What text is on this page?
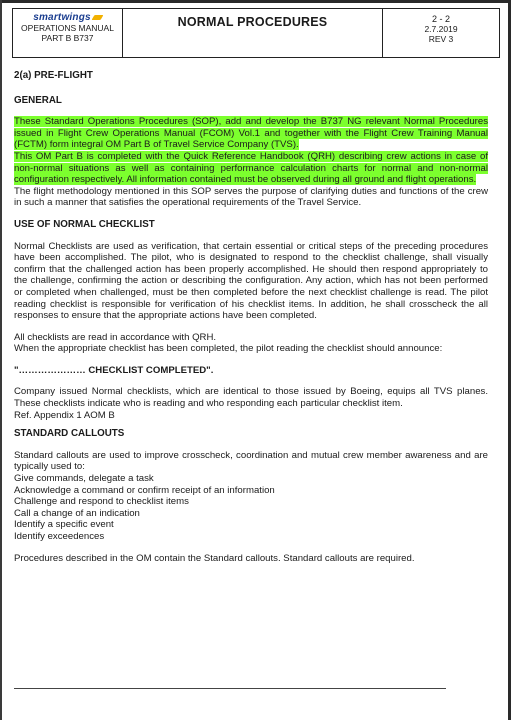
smartwings
OPERATIONS MANUAL
PART B B737
NORMAL PROCEDURES	2 - 2
2.7.2019
REV 3
2(a) PRE-FLIGHT
GENERAL

These Standard Operations Procedures (SOP), add and develop the B737 NG relevant Normal Procedures issued in Flight Crew Operations Manual (FCOM) Vol.1 and together with the Flight Crew Training Manual (FCTM) form integral OM Part B of Travel Service Company (TVS).

This OM Part B is completed with the Quick Reference Handbook (QRH) describing crew actions in case of non-normal situations as well as containing performance calculation charts for normal and non-normal configuration respectively. All information contained must be observed during all ground and flight operations.

The flight methodology mentioned in this SOP serves the purpose of clarifying duties and functions of the crew in such a manner that satisfies the operational requirements of the Travel Service.

USE OF NORMAL CHECKLIST

Normal Checklists are used as verification, that certain essential or critical steps of the preceding procedures have been accomplished. The pilot, who is designated to respond to the checklist challenge, shall visually confirm that the challenged action has been properly accomplished. He should then respond appropriately to the challenge, confirming the action or describing the configuration. Any action, which has not been performed or completed when challenged, must be then completed before the next checklist challenge is read. The pilot reading checklist is responsible for verification of his checklist items. In addition, he shall crosscheck the all responses to ensure that the appropriate actions have been completed.

All checklists are read in accordance with QRH.

When the appropriate checklist has been completed, the pilot reading the checklist should announce:

"………………… CHECKLIST COMPLETED".

Company issued Normal checklists, which are identical to those issued by Boeing, equips all TVS planes. These checklists indicate who is reading and who responding each particular checklist item.

Ref. Appendix 1 AOM B

STANDARD CALLOUTS

Standard callouts are used to improve crosscheck, coordination and mutual crew member awareness and are typically used to:

Give commands, delegate a task
Acknowledge a command or confirm receipt of an information
Challenge and respond to checklist items
Call a change of an indication
Identify a specific event
Identify exceedences

Procedures described in the OM contain the Standard callouts. Standard callouts are required.
